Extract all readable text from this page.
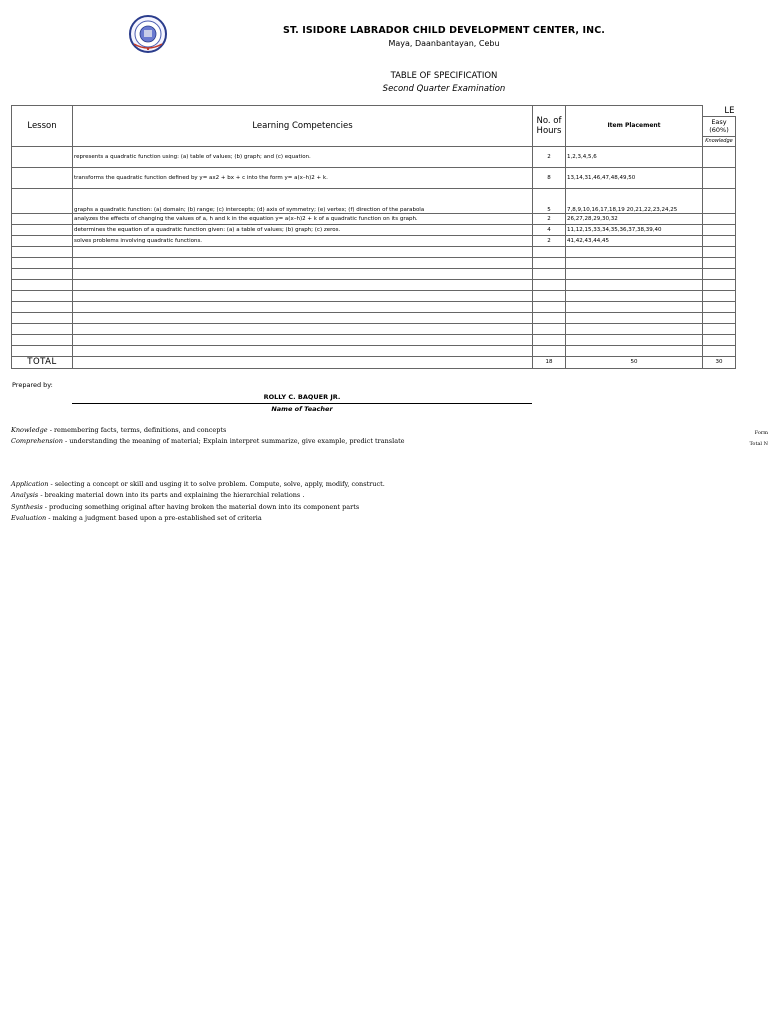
ST. ISIDORE LABRADOR CHILD DEVELOPMENT CENTER, INC.
Maya, Daanbantayan, Cebu
TABLE OF SPECIFICATION
Second Quarter Examination
Lesson	Learning Competencies	No. of Hours	Item Placement	LE
				Easy (60%)
				Knowledge
	represents a quadratic function using: (a) table of values; (b) graph; and (c) equation.	2	1,2,3,4,5,6	
	transforms the quadratic function defined by y= ax2 + bx + c into the form y= a(x–h)2 + k.	8	13,14,31,46,47,48,49,50	
	graphs a quadratic function: (a) domain; (b) range; (c) intercepts; (d) axis of symmetry; (e) vertex; (f) direction of the parabola	5	7,8,9,10,16,17,18,19 20,21,22,23,24,25	
	analyzes the effects of changing the values of a, h and k in the equation y= a(x–h)2 + k of a quadratic function on its graph.	2	26,27,28,29,30,32	
	determines the equation of a quadratic function given: (a) a table of values; (b) graph; (c) zeros.	4	11,12,15,33,34,35,36,37,38,39,40	
	solves problems involving quadratic functions.	2	41,42,43,44,45	

TOTAL		18	50	30
Prepared by:
ROLLY C. BAQUER JR.
Name of Teacher
Knowledge - remembering facts, terms, definitions, and concepts
Comprehension - understanding the meaning of material; Explain interpret summarize, give example, predict translate
Application - selecting a concept or skill and usging it to solve problem. Compute, solve, apply, modify, construct.
Analysis - breaking material down into its parts and explaining the hierarchial relations .
Synthesis - producing something original after having broken the material down into its component parts
Evaluation - making a judgment based upon a pre-established set of criteria
Form
Total N
